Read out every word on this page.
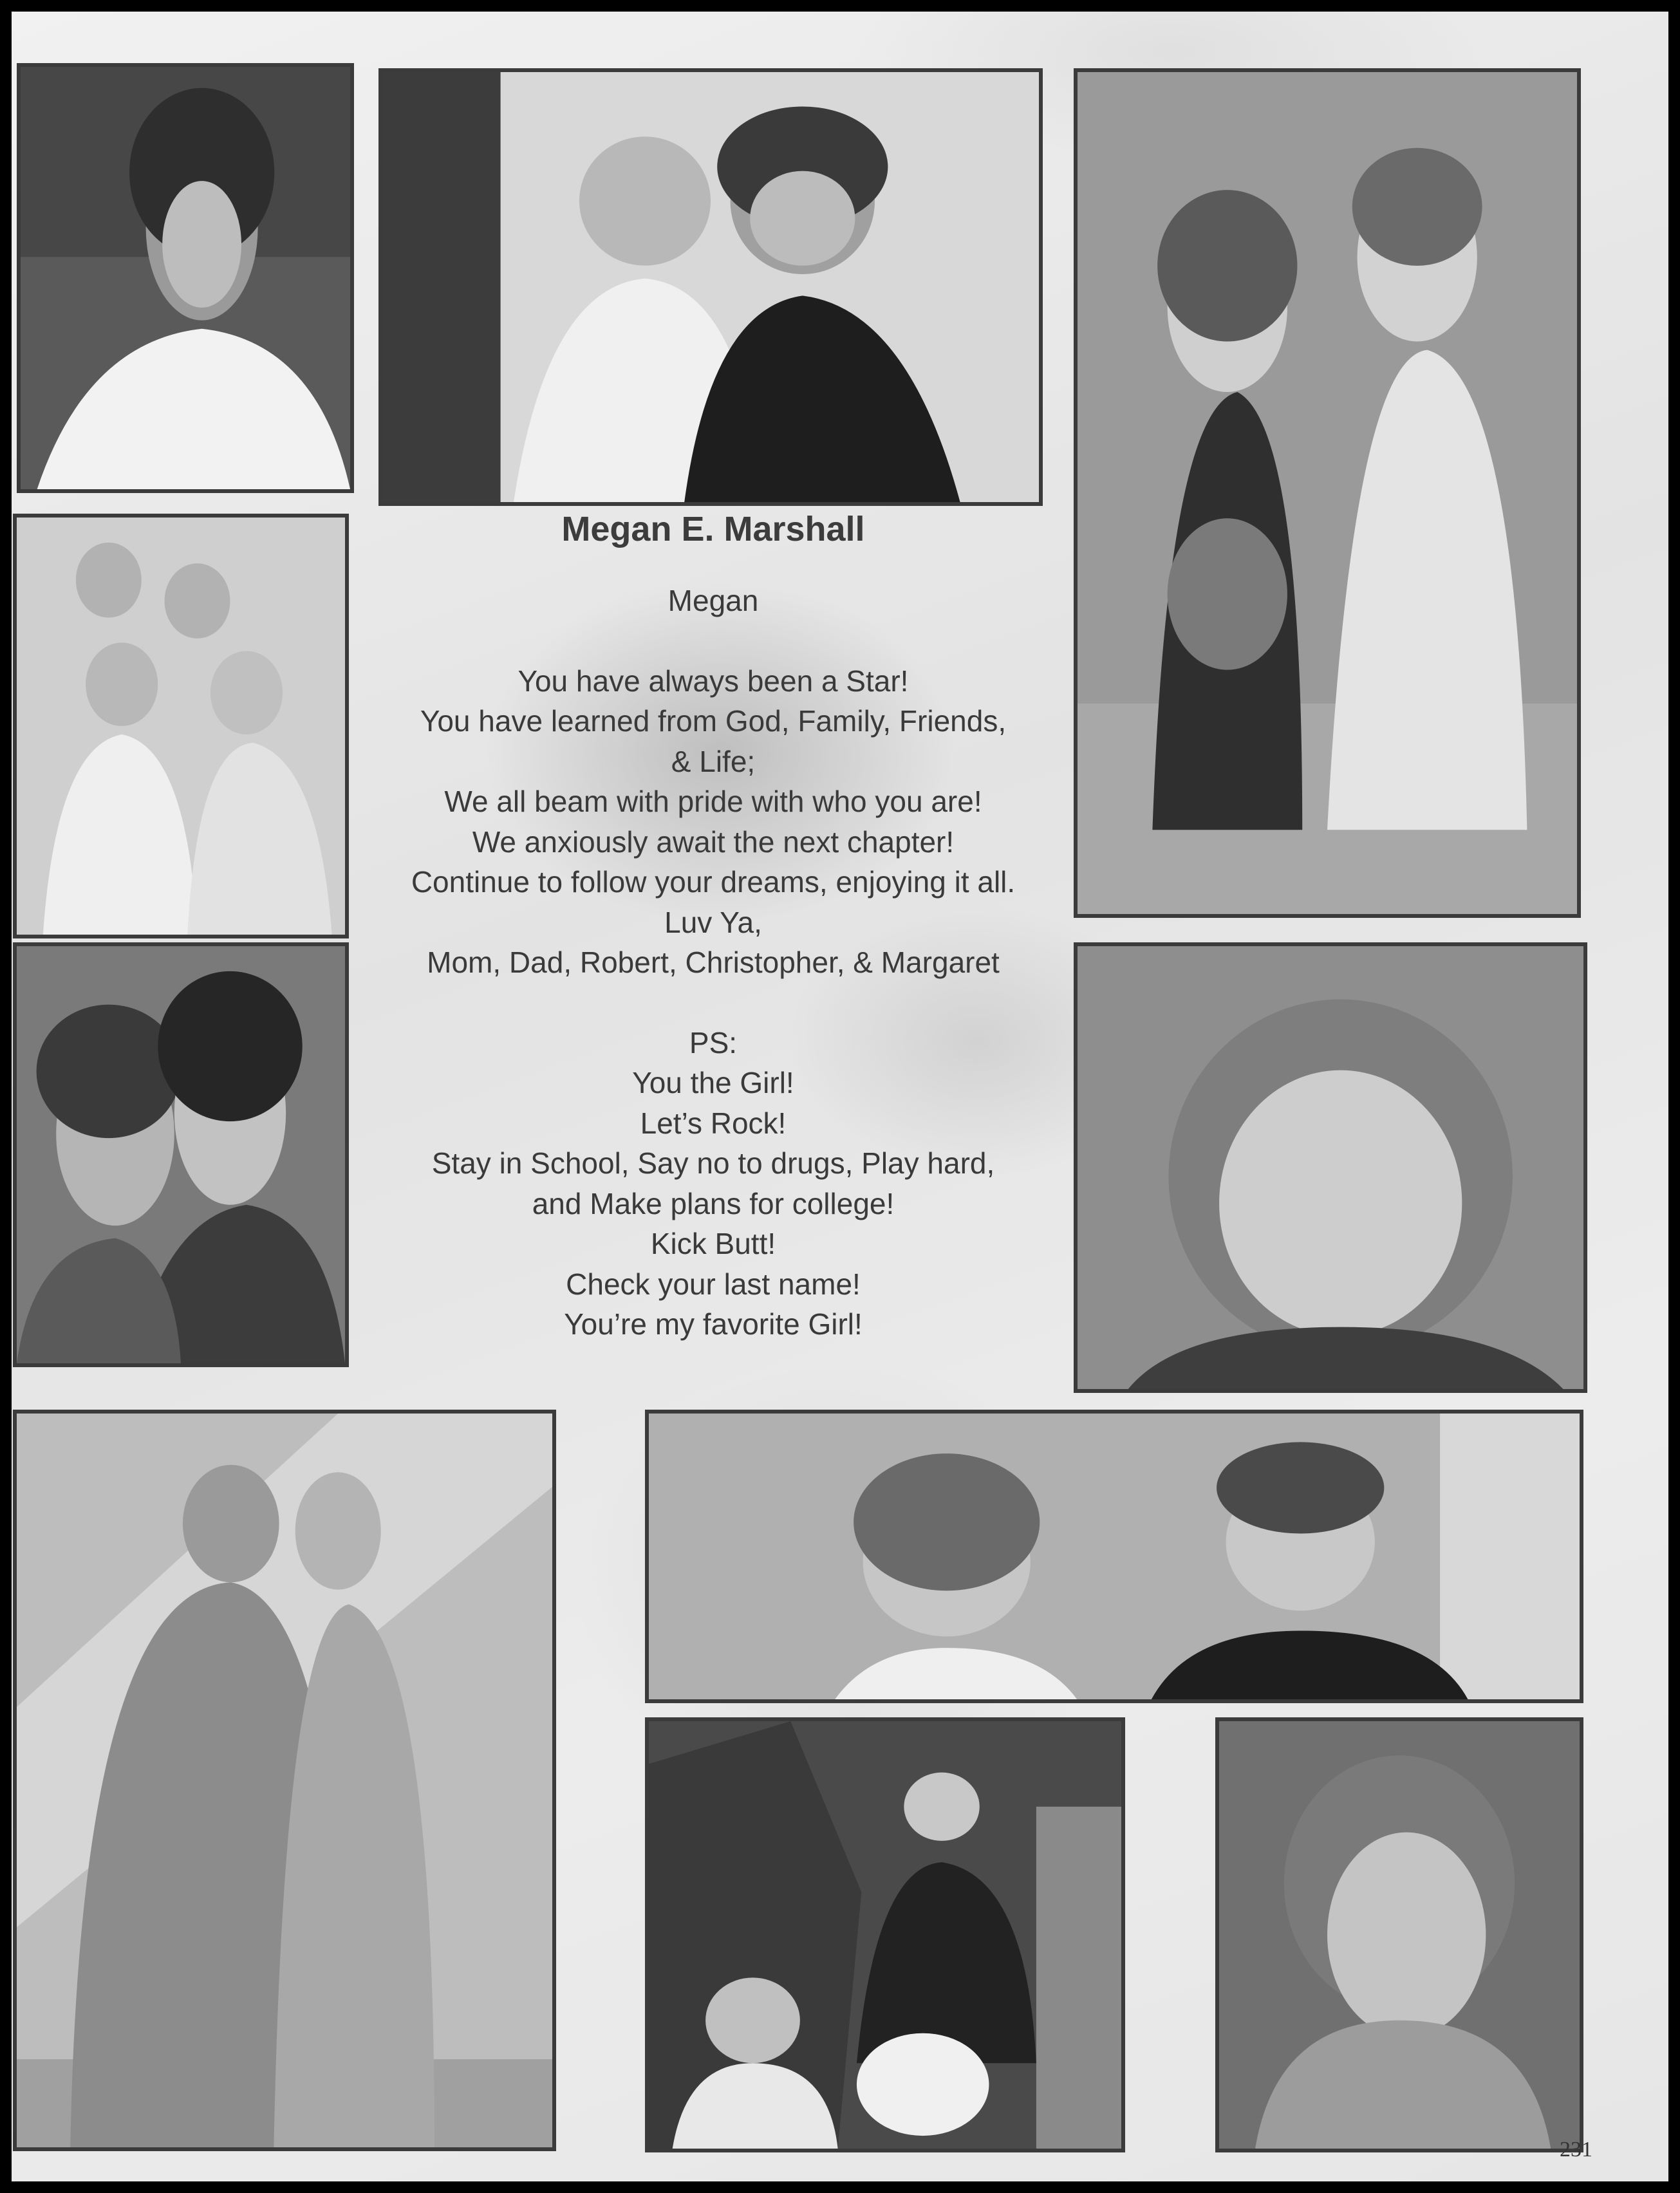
Megan E. Marshall
Megan
You have always been a Star!
You have learned from God, Family, Friends,
& Life;
We all beam with pride with who you are!
We anxiously await the next chapter!
Continue to follow your dreams, enjoying it all.
Luv Ya,
Mom, Dad, Robert, Christopher, & Margaret
PS:
You the Girl!
Let’s Rock!
Stay in School, Say no to drugs, Play hard,
and Make plans for college!
Kick Butt!
Check your last name!
You’re my favorite Girl!
231
